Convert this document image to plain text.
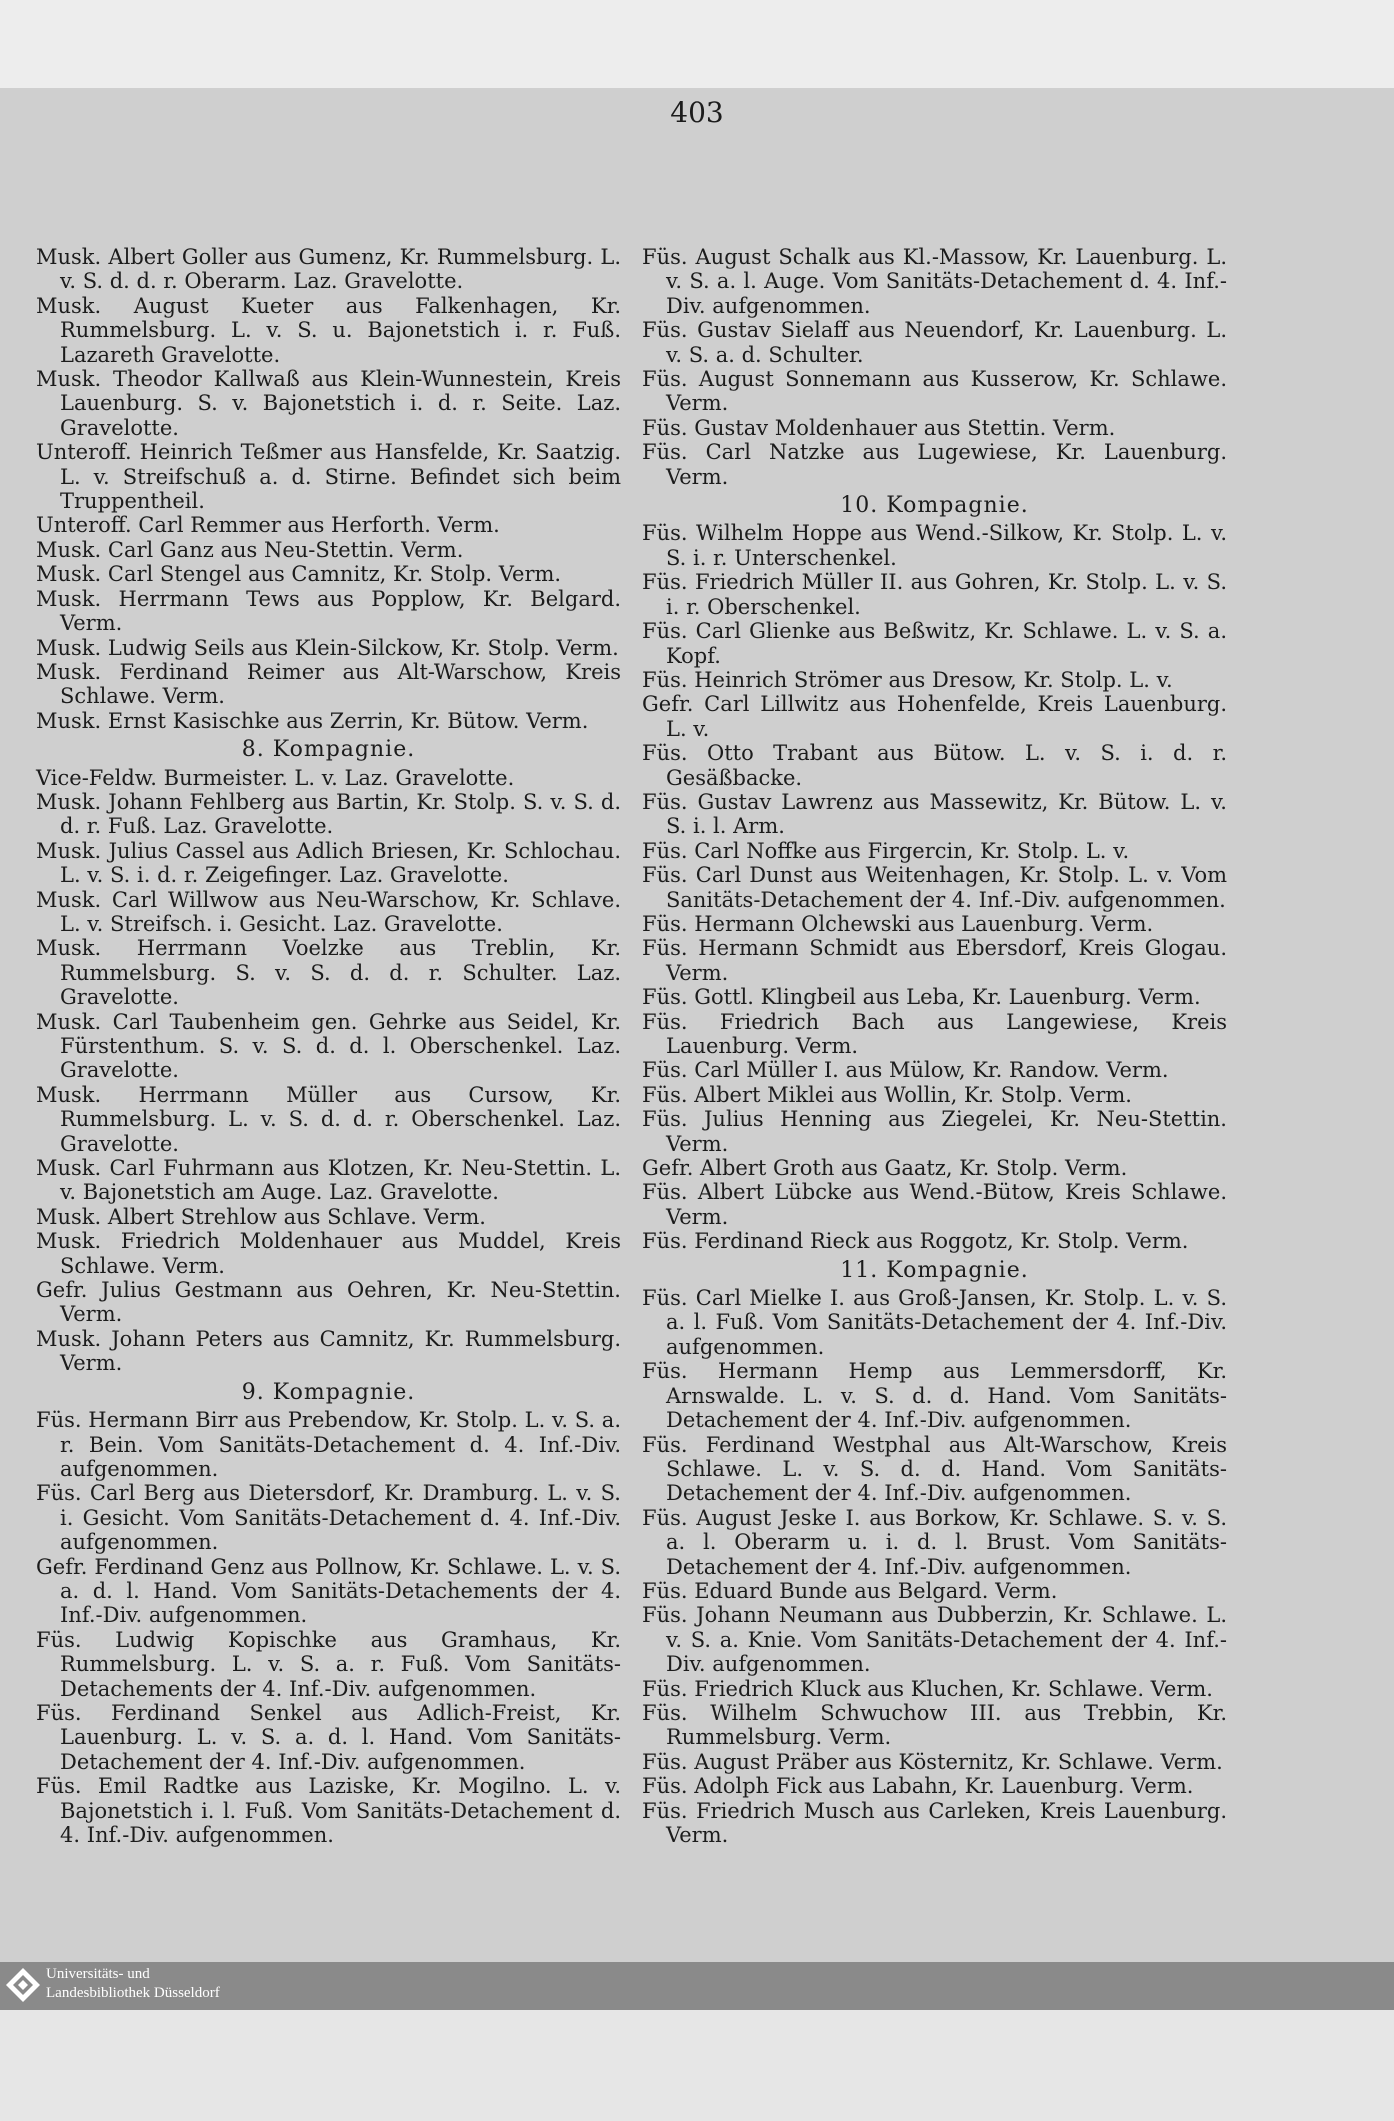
403
Musk. Albert Goller aus Gumenz, Kr. Rummelsburg. L. v. S. d. d. r. Oberarm. Laz. Gravelotte.
Musk. August Kueter aus Falkenhagen, Kr. Rummelsburg. L. v. S. u. Bajonetstich i. r. Fuß. Lazareth Gravelotte.
Musk. Theodor Kallwaß aus Klein-Wunnestein, Kreis Lauenburg. S. v. Bajonetstich i. d. r. Seite. Laz. Gravelotte.
Unteroff. Heinrich Teßmer aus Hansfelde, Kr. Saatzig. L. v. Streifschuß a. d. Stirne. Befindet sich beim Truppentheil.
Unteroff. Carl Remmer aus Herforth. Verm.
Musk. Carl Ganz aus Neu-Stettin. Verm.
Musk. Carl Stengel aus Camnitz, Kr. Stolp. Verm.
Musk. Herrmann Tews aus Popplow, Kr. Belgard. Verm.
Musk. Ludwig Seils aus Klein-Silckow, Kr. Stolp. Verm.
Musk. Ferdinand Reimer aus Alt-Warschow, Kreis Schlawe. Verm.
Musk. Ernst Kasischke aus Zerrin, Kr. Bütow. Verm.
8. Kompagnie.
Vice-Feldw. Burmeister. L. v. Laz. Gravelotte.
Musk. Johann Fehlberg aus Bartin, Kr. Stolp. S. v. S. d. d. r. Fuß. Laz. Gravelotte.
Musk. Julius Cassel aus Adlich Briesen, Kr. Schlochau. L. v. S. i. d. r. Zeigefinger. Laz. Gravelotte.
Musk. Carl Willwow aus Neu-Warschow, Kr. Schlave. L. v. Streifsch. i. Gesicht. Laz. Gravelotte.
Musk. Herrmann Voelzke aus Treblin, Kr. Rummelsburg. S. v. S. d. d. r. Schulter. Laz. Gravelotte.
Musk. Carl Taubenheim gen. Gehrke aus Seidel, Kr. Fürstenthum. S. v. S. d. d. l. Oberschenkel. Laz. Gravelotte.
Musk. Herrmann Müller aus Cursow, Kr. Rummelsburg. L. v. S. d. d. r. Oberschenkel. Laz. Gravelotte.
Musk. Carl Fuhrmann aus Klotzen, Kr. Neu-Stettin. L. v. Bajonetstich am Auge. Laz. Gravelotte.
Musk. Albert Strehlow aus Schlave. Verm.
Musk. Friedrich Moldenhauer aus Muddel, Kreis Schlawe. Verm.
Gefr. Julius Gestmann aus Oehren, Kr. Neu-Stettin. Verm.
Musk. Johann Peters aus Camnitz, Kr. Rummelsburg. Verm.
9. Kompagnie.
Füs. Hermann Birr aus Prebendow, Kr. Stolp. L. v. S. a. r. Bein. Vom Sanitäts-Detachement d. 4. Inf.-Div. aufgenommen.
Füs. Carl Berg aus Dietersdorf, Kr. Dramburg. L. v. S. i. Gesicht. Vom Sanitäts-Detachement d. 4. Inf.-Div. aufgenommen.
Gefr. Ferdinand Genz aus Pollnow, Kr. Schlawe. L. v. S. a. d. l. Hand. Vom Sanitäts-Detachements der 4. Inf.-Div. aufgenommen.
Füs. Ludwig Kopischke aus Gramhaus, Kr. Rummelsburg. L. v. S. a. r. Fuß. Vom Sanitäts-Detachements der 4. Inf.-Div. aufgenommen.
Füs. Ferdinand Senkel aus Adlich-Freist, Kr. Lauenburg. L. v. S. a. d. l. Hand. Vom Sanitäts-Detachement der 4. Inf.-Div. aufgenommen.
Füs. Emil Radtke aus Laziske, Kr. Mogilno. L. v. Bajonetstich i. l. Fuß. Vom Sanitäts-Detachement d. 4. Inf.-Div. aufgenommen.
Füs. August Schalk aus Kl.-Massow, Kr. Lauenburg. L. v. S. a. l. Auge. Vom Sanitäts-Detachement d. 4. Inf.-Div. aufgenommen.
Füs. Gustav Sielaff aus Neuendorf, Kr. Lauenburg. L. v. S. a. d. Schulter.
Füs. August Sonnemann aus Kusserow, Kr. Schlawe. Verm.
Füs. Gustav Moldenhauer aus Stettin. Verm.
Füs. Carl Natzke aus Lugewiese, Kr. Lauenburg. Verm.
10. Kompagnie.
Füs. Wilhelm Hoppe aus Wend.-Silkow, Kr. Stolp. L. v. S. i. r. Unterschenkel.
Füs. Friedrich Müller II. aus Gohren, Kr. Stolp. L. v. S. i. r. Oberschenkel.
Füs. Carl Glienke aus Beßwitz, Kr. Schlawe. L. v. S. a. Kopf.
Füs. Heinrich Strömer aus Dresow, Kr. Stolp. L. v.
Gefr. Carl Lillwitz aus Hohenfelde, Kreis Lauenburg. L. v.
Füs. Otto Trabant aus Bütow. L. v. S. i. d. r. Gesäßbacke.
Füs. Gustav Lawrenz aus Massewitz, Kr. Bütow. L. v. S. i. l. Arm.
Füs. Carl Noffke aus Firgercin, Kr. Stolp. L. v.
Füs. Carl Dunst aus Weitenhagen, Kr. Stolp. L. v. Vom Sanitäts-Detachement der 4. Inf.-Div. aufgenommen.
Füs. Hermann Olchewski aus Lauenburg. Verm.
Füs. Hermann Schmidt aus Ebersdorf, Kreis Glogau. Verm.
Füs. Gottl. Klingbeil aus Leba, Kr. Lauenburg. Verm.
Füs. Friedrich Bach aus Langewiese, Kreis Lauenburg. Verm.
Füs. Carl Müller I. aus Mülow, Kr. Randow. Verm.
Füs. Albert Miklei aus Wollin, Kr. Stolp. Verm.
Füs. Julius Henning aus Ziegelei, Kr. Neu-Stettin. Verm.
Gefr. Albert Groth aus Gaatz, Kr. Stolp. Verm.
Füs. Albert Lübcke aus Wend.-Bütow, Kreis Schlawe. Verm.
Füs. Ferdinand Rieck aus Roggotz, Kr. Stolp. Verm.
11. Kompagnie.
Füs. Carl Mielke I. aus Groß-Jansen, Kr. Stolp. L. v. S. a. l. Fuß. Vom Sanitäts-Detachement der 4. Inf.-Div. aufgenommen.
Füs. Hermann Hemp aus Lemmersdorff, Kr. Arnswalde. L. v. S. d. d. Hand. Vom Sanitäts-Detachement der 4. Inf.-Div. aufgenommen.
Füs. Ferdinand Westphal aus Alt-Warschow, Kreis Schlawe. L. v. S. d. d. Hand. Vom Sanitäts-Detachement der 4. Inf.-Div. aufgenommen.
Füs. August Jeske I. aus Borkow, Kr. Schlawe. S. v. S. a. l. Oberarm u. i. d. l. Brust. Vom Sanitäts-Detachement der 4. Inf.-Div. aufgenommen.
Füs. Eduard Bunde aus Belgard. Verm.
Füs. Johann Neumann aus Dubberzin, Kr. Schlawe. L. v. S. a. Knie. Vom Sanitäts-Detachement der 4. Inf.-Div. aufgenommen.
Füs. Friedrich Kluck aus Kluchen, Kr. Schlawe. Verm.
Füs. Wilhelm Schwuchow III. aus Trebbin, Kr. Rummelsburg. Verm.
Füs. August Präber aus Kösternitz, Kr. Schlawe. Verm.
Füs. Adolph Fick aus Labahn, Kr. Lauenburg. Verm.
Füs. Friedrich Musch aus Carleken, Kreis Lauenburg. Verm.
Universitäts- und
Landesbibliothek Düsseldorf
